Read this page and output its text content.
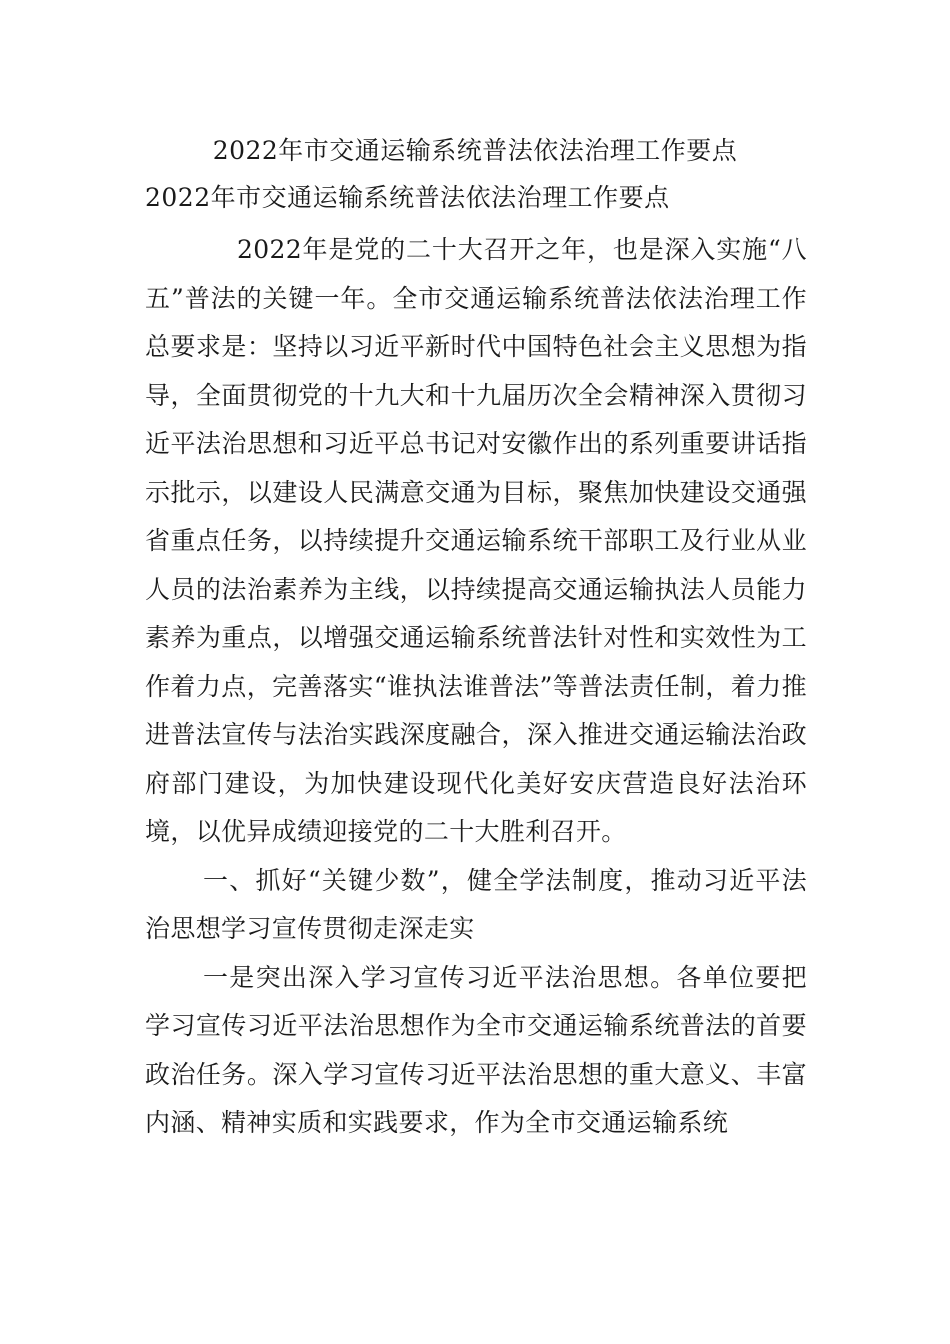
2022年市交通运输系统普法依法治理工作要点
2022年市交通运输系统普法依法治理工作要点

2022年是党的二十大召开之年，也是深入实施“八五”普法的关键一年。全市交通运输系统普法依法治理工作总要求是：坚持以习近平新时代中国特色社会主义思想为指导，全面贯彻党的十九大和十九届历次全会精神深入贯彻习近平法治思想和习近平总书记对安徽作出的系列重要讲话指示批示，以建设人民满意交通为目标，聚焦加快建设交通强省重点任务，以持续提升交通运输系统干部职工及行业从业人员的法治素养为主线，以持续提高交通运输执法人员能力素养为重点，以增强交通运输系统普法针对性和实效性为工作着力点，完善落实“谁执法谁普法”等普法责任制，着力推进普法宣传与法治实践深度融合，深入推进交通运输法治政府部门建设，为加快建设现代化美好安庆营造良好法治环境，以优异成绩迎接党的二十大胜利召开。

一、抓好“关键少数”，健全学法制度，推动习近平法治思想学习宣传贯彻走深走实

一是突出深入学习宣传习近平法治思想。各单位要把学习宣传习近平法治思想作为全市交通运输系统普法的首要政治任务。深入学习宣传习近平法治思想的重大意义、丰富内涵、精神实质和实践要求，作为全市交通运输系统
